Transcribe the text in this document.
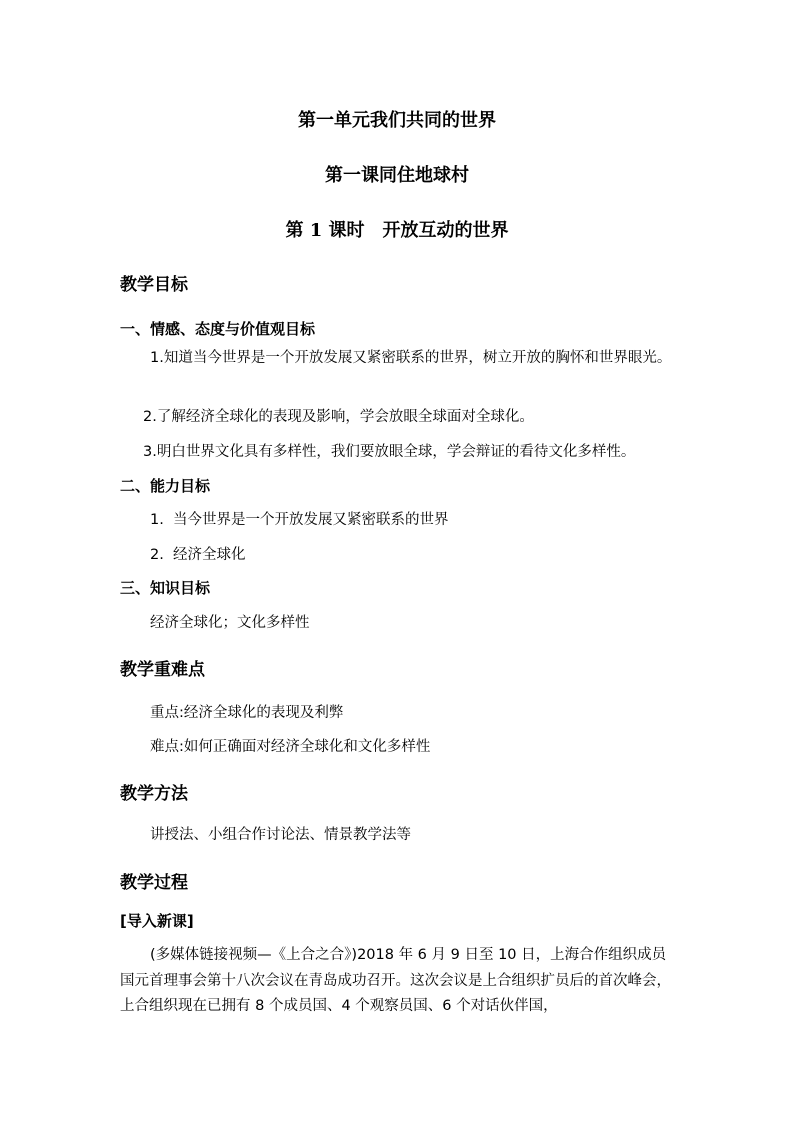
第一单元我们共同的世界
第一课同住地球村
第 1 课时　开放互动的世界
教学目标
一、情感、态度与价值观目标

1.知道当今世界是一个开放发展又紧密联系的世界，树立开放的胸怀和世界眼光。

2.了解经济全球化的表现及影响，学会放眼全球面对全球化。
3.明白世界文化具有多样性，我们要放眼全球，学会辩证的看待文化多样性。
二、能力目标
1.  当今世界是一个开放发展又紧密联系的世界
2.  经济全球化
三、知识目标
经济全球化；文化多样性
教学重难点
重点:经济全球化的表现及利弊
难点:如何正确面对经济全球化和文化多样性
教学方法
讲授法、小组合作讨论法、情景教学法等
教学过程
[导入新课]

(多媒体链接视频—《上合之合》)2018 年 6 月 9 日至 10 日，上海合作组织成员国元首理事会第十八次会议在青岛成功召开。这次会议是上合组织扩员后的首次峰会，上合组织现在已拥有 8 个成员国、4 个观察员国、6 个对话伙伴国，
